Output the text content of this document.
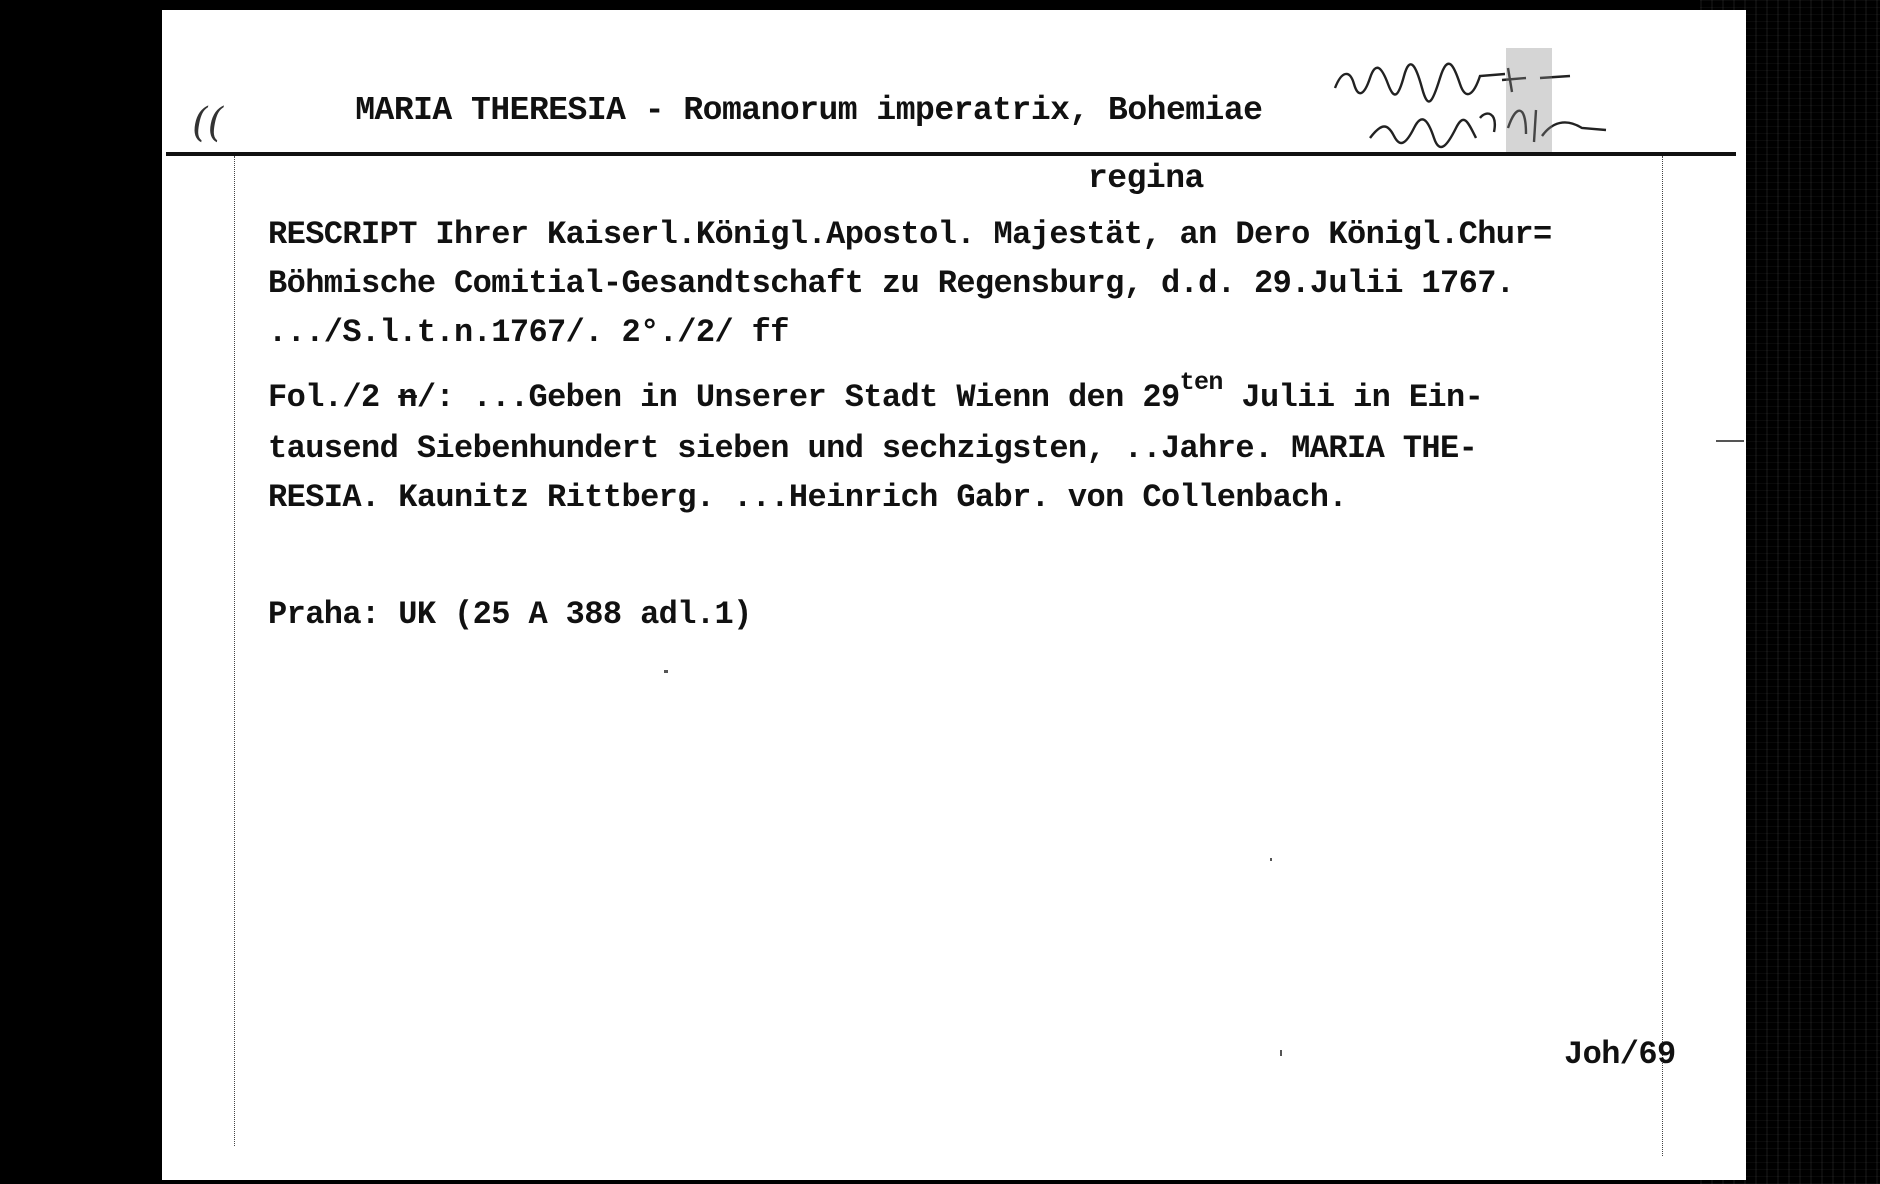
((	MARIA THERESIA - Romanorum imperatrix, Bohemiae

regina

RESCRIPT Ihrer Kaiserl.Königl.Apostol. Majestät, an Dero Königl.Chur=
Böhmische Comitial-Gesandtschaft zu Regensburg, d.d. 29.Julii 1767.
.../S.l.t.n.1767/. 2°./2/ ff
Fol./2 n/: ...Geben in Unserer Stadt Wienn den $29^{ten}$ Julii in Ein-
tausend Siebenhundert sieben und sechzigsten, ..Jahre. MARIA THE-
RESIA. Kaunitz Rittberg. ...Heinrich Gabr. von Collenbach.
Praha: UK (25 A 388 adl.1)
Joh/69
